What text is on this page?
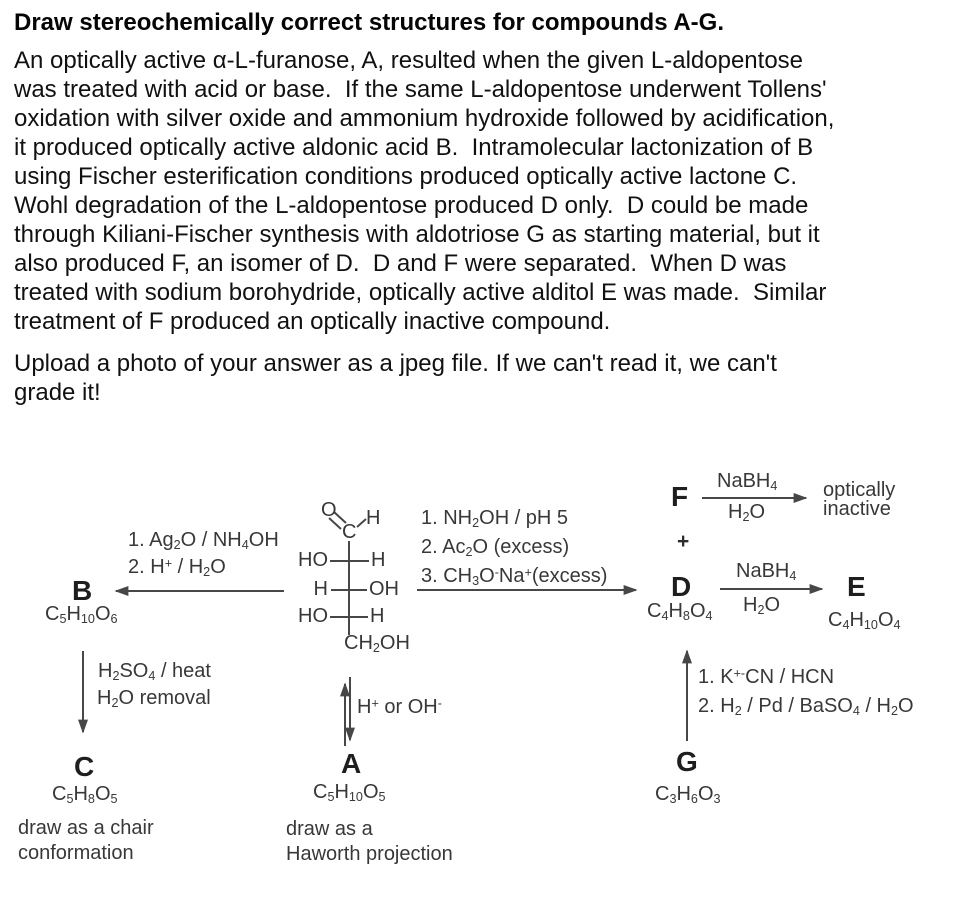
Draw stereochemically correct structures for compounds A-G.
An optically active α-L-furanose, A, resulted when the given L-aldopentose
was treated with acid or base.  If the same L-aldopentose underwent Tollens'
oxidation with silver oxide and ammonium hydroxide followed by acidification,
it produced optically active aldonic acid B.  Intramolecular lactonization of B
using Fischer esterification conditions produced optically active lactone C.
Wohl degradation of the L-aldopentose produced D only.  D could be made
through Kiliani-Fischer synthesis with aldotriose G as starting material, but it
also produced F, an isomer of D.  D and F were separated.  When D was
treated with sodium borohydride, optically active alditol E was made.  Similar
treatment of F produced an optically inactive compound.
Upload a photo of your answer as a jpeg file. If we can't read it, we can't
grade it!
1. $Ag_2O / NH_4OH$
2. $H^+ / H_2O$
B
$C_5H_{10}O_6$
$H_2SO_4$ / heat
$H_2O$ removal
C
$C_5H_8O_5$
draw as a chair
conformation
O
C
H
HO H
H OH
HO H
$CH_2OH$
1. $NH_2OH$ / pH 5
2. $Ac_2O$ (excess)
3. $CH_3O^-Na^+(excess)$
H+ or OH-
A
$C_5H_{10}O_5$
draw as a
Haworth projection
F NaBH$_4$
$H_2O$
optically
inactive
+
D
$C_4H_8O_4$
NaBH$_4$
$H_2O$
E
$C_4H_{10}O_4$
1. K+-CN / HCN
2. $H_2$ / Pd / BaSO$_4$ / $H_2O$
G
$C_3H_6O_3$
